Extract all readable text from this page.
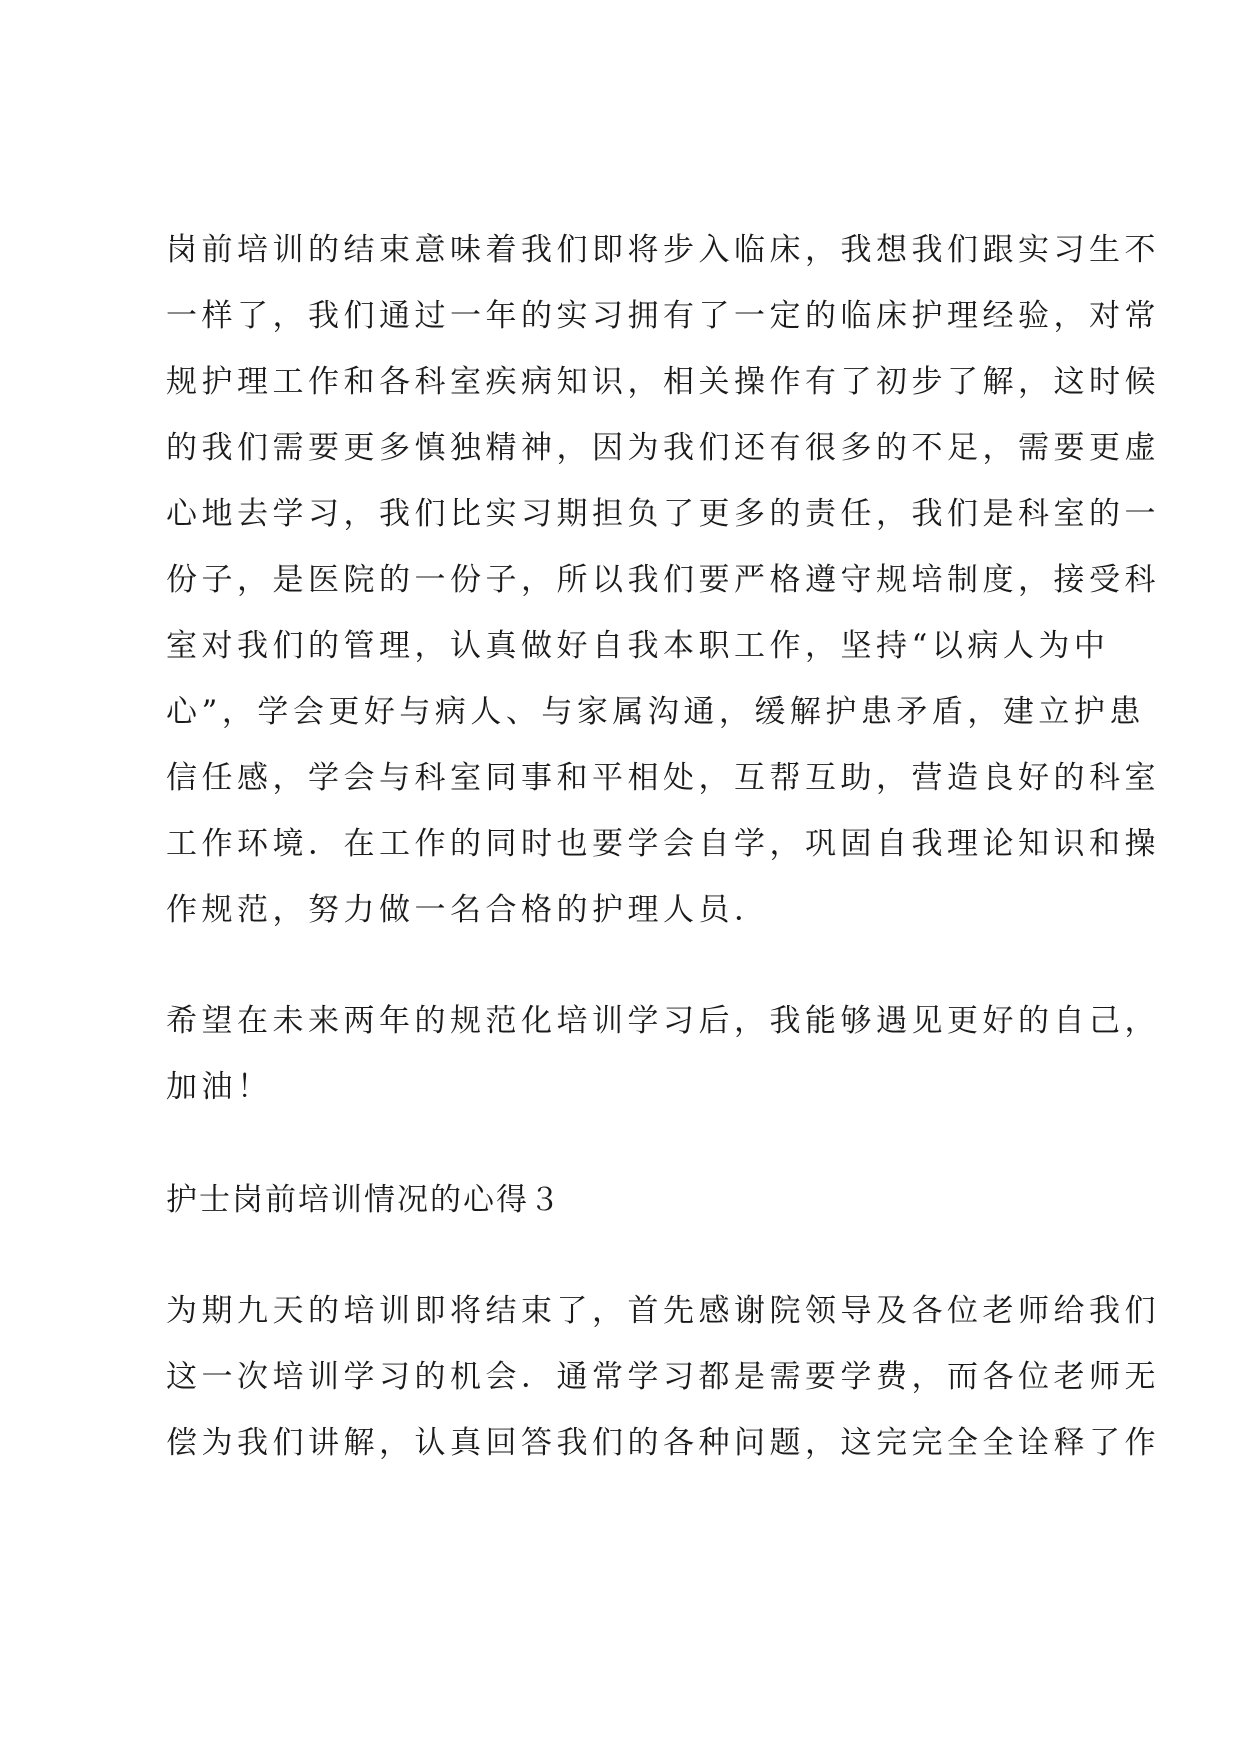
岗前培训的结束意味着我们即将步入临床，我想我们跟实习生不
一样了，我们通过一年的实习拥有了一定的临床护理经验，对常
规护理工作和各科室疾病知识，相关操作有了初步了解，这时候
的我们需要更多慎独精神，因为我们还有很多的不足，需要更虚
心地去学习，我们比实习期担负了更多的责任，我们是科室的一
份子，是医院的一份子，所以我们要严格遵守规培制度，接受科
室对我们的管理，认真做好自我本职工作，坚持“以病人为中
心”，学会更好与病人、与家属沟通，缓解护患矛盾，建立护患
信任感，学会与科室同事和平相处，互帮互助，营造良好的科室
工作环境．在工作的同时也要学会自学，巩固自我理论知识和操
作规范，努力做一名合格的护理人员．
希望在未来两年的规范化培训学习后，我能够遇见更好的自己，
加油！
护士岗前培训情况的心得３
为期九天的培训即将结束了，首先感谢院领导及各位老师给我们
这一次培训学习的机会．通常学习都是需要学费，而各位老师无
偿为我们讲解，认真回答我们的各种问题，这完完全全诠释了作
